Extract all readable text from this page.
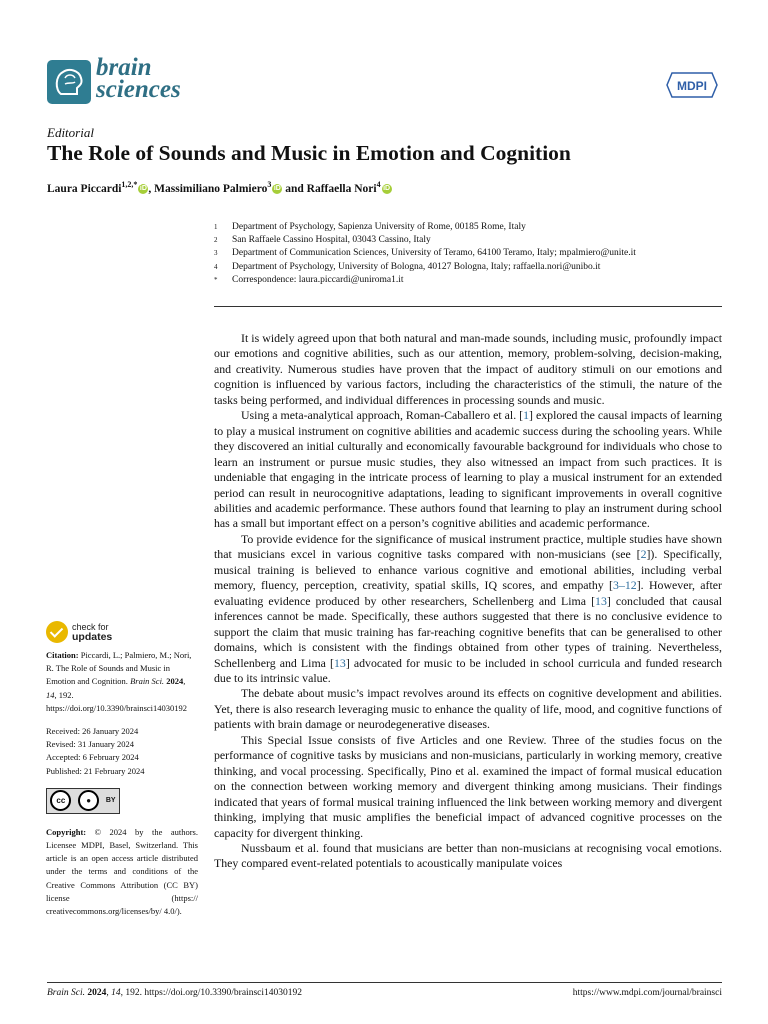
brain
sciences	MDPI
Editorial
The Role of Sounds and Music in Emotion and Cognition
Laura Piccardi$^{1,2,*}$ iD , Massimiliano Palmiero$^3$ iD and Raffaella Nori$^4$ iD
1	Department of Psychology, Sapienza University of Rome, 00185 Rome, Italy
2	San Raffaele Cassino Hospital, 03043 Cassino, Italy
3	Department of Communication Sciences, University of Teramo, 64100 Teramo, Italy; mpalmiero@unite.it
4	Department of Psychology, University of Bologna, 40127 Bologna, Italy; raffaella.nori@unibo.it
*	Correspondence: laura.piccardi@uniroma1.it

It is widely agreed upon that both natural and man-made sounds, including music, profoundly impact our emotions and cognitive abilities, such as our attention, memory, problem-solving, decision-making, and creativity. Numerous studies have proven that the impact of auditory stimuli on our emotions and cognition is influenced by various factors, including the characteristics of the stimuli, the nature of the tasks being performed, and individual differences in processing sounds and music.

Using a meta-analytical approach, Roman-Caballero et al. [1] explored the causal impacts of learning to play a musical instrument on cognitive abilities and academic success during the schooling years. While they discovered an initial culturally and economically favourable background for individuals who chose to learn an instrument or pursue music studies, they also witnessed an impact from such practices. It is undeniable that engaging in the intricate process of learning to play a musical instrument for an extended period can result in neurocognitive adaptations, leading to significant improvements in overall cognitive abilities and academic performance. These authors found that learning to play an instrument during school has a small but important effect on a person’s cognitive abilities and academic performance.

To provide evidence for the significance of musical instrument practice, multiple studies have shown that musicians excel in various cognitive tasks compared with non-musicians (see [2]). Specifically, musical training is believed to enhance various cognitive and emotional abilities, including verbal memory, fluency, perception, creativity, spatial skills, IQ scores, and empathy [3–12]. However, after evaluating evidence produced by other researchers, Schellenberg and Lima [13] concluded that causal inferences cannot be made. Specifically, these authors suggested that there is no conclusive evidence to support the claim that music training has far-reaching cognitive benefits that can be generalised to other domains, which is consistent with the findings obtained from other types of training. Nevertheless, Schellenberg and Lima [13] advocated for music to be included in school curricula and funded research due to its intrinsic value.

The debate about music’s impact revolves around its effects on cognitive development and abilities. Yet, there is also research leveraging music to enhance the quality of life, mood, and cognitive functions of patients with brain damage or neurodegenerative diseases.

This Special Issue consists of five Articles and one Review. Three of the studies focus on the performance of cognitive tasks by musicians and non-musicians, particularly in working memory, creative thinking, and vocal processing. Specifically, Pino et al. examined the impact of formal musical education on the connection between working memory and divergent thinking among musicians. Their findings indicated that years of formal musical training influenced the link between working memory and divergent thinking, implying that music amplifies the beneficial impact of advanced cognitive processes on the capacity for divergent thinking.

Nussbaum et al. found that musicians are better than non-musicians at recognising vocal emotions. They compared event-related potentials to acoustically manipulate voices

check for
updates
Citation: Piccardi, L.; Palmiero, M.; Nori, R. The Role of Sounds and Music in Emotion and Cognition. Brain Sci. 2024, 14, 192. https://doi.org/10.3390/brainsci14030192
Received: 26 January 2024
Revised: 31 January 2024
Accepted: 6 February 2024
Published: 21 February 2024
cc	●	BY
Copyright: © 2024 by the authors. Licensee MDPI, Basel, Switzerland. This article is an open access article distributed under the terms and conditions of the Creative Commons Attribution (CC BY) license (https:// creativecommons.org/licenses/by/ 4.0/).
Brain Sci. 2024, 14, 192. https://doi.org/10.3390/brainsci14030192	https://www.mdpi.com/journal/brainsci
